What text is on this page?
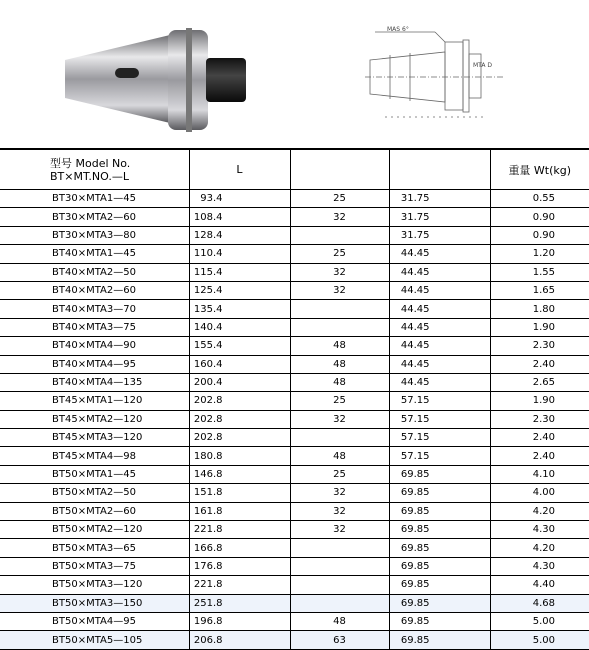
MAS 6°
MTA D
型号 Model No.
BT×MT.NO.—L	L			重量 Wt(kg)
BT30×MTA1—45	93.4	25	31.75	0.55
BT30×MTA2—60	108.4	32	31.75	0.90
BT30×MTA3—80	128.4		31.75	0.90
BT40×MTA1—45	110.4	25	44.45	1.20
BT40×MTA2—50	115.4	32	44.45	1.55
BT40×MTA2—60	125.4	32	44.45	1.65
BT40×MTA3—70	135.4		44.45	1.80
BT40×MTA3—75	140.4		44.45	1.90
BT40×MTA4—90	155.4	48	44.45	2.30
BT40×MTA4—95	160.4	48	44.45	2.40
BT40×MTA4—135	200.4	48	44.45	2.65
BT45×MTA1—120	202.8	25	57.15	1.90
BT45×MTA2—120	202.8	32	57.15	2.30
BT45×MTA3—120	202.8		57.15	2.40
BT45×MTA4—98	180.8	48	57.15	2.40
BT50×MTA1—45	146.8	25	69.85	4.10
BT50×MTA2—50	151.8	32	69.85	4.00
BT50×MTA2—60	161.8	32	69.85	4.20
BT50×MTA2—120	221.8	32	69.85	4.30
BT50×MTA3—65	166.8		69.85	4.20
BT50×MTA3—75	176.8		69.85	4.30
BT50×MTA3—120	221.8		69.85	4.40
BT50×MTA3—150	251.8		69.85	4.68
BT50×MTA4—95	196.8	48	69.85	5.00
BT50×MTA5—105	206.8	63	69.85	5.00
